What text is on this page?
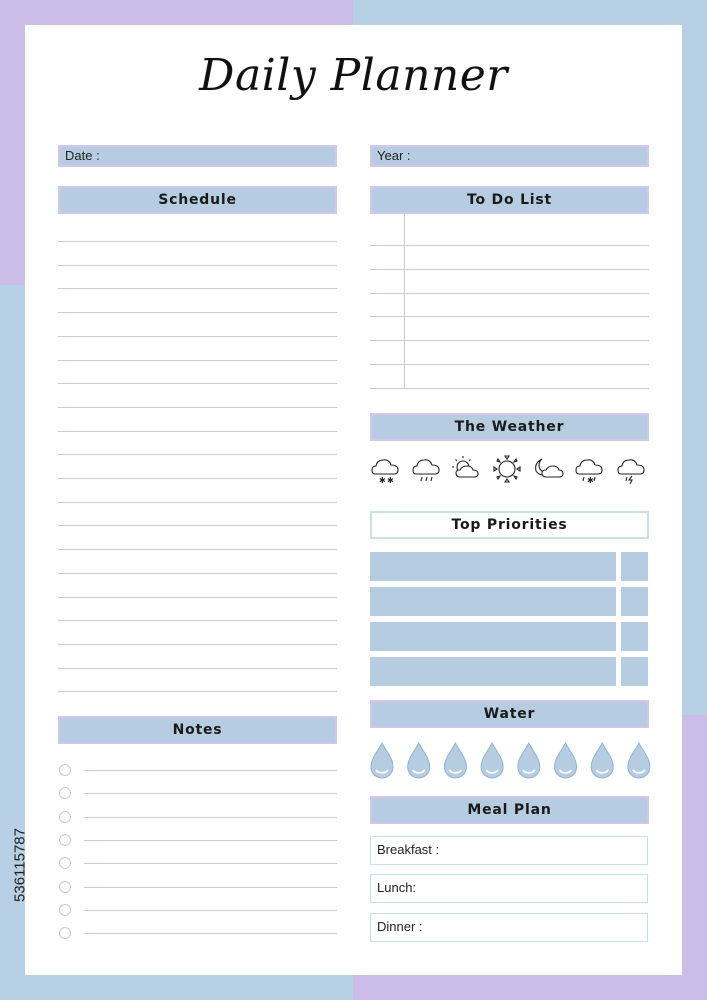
Daily Planner
Date :	Year :
Schedule	To Do List
The Weather
✱ ✱	✱
Top Priorities
Water
Meal Plan
Breakfast :
Lunch:
Dinner :
Notes
536115787
